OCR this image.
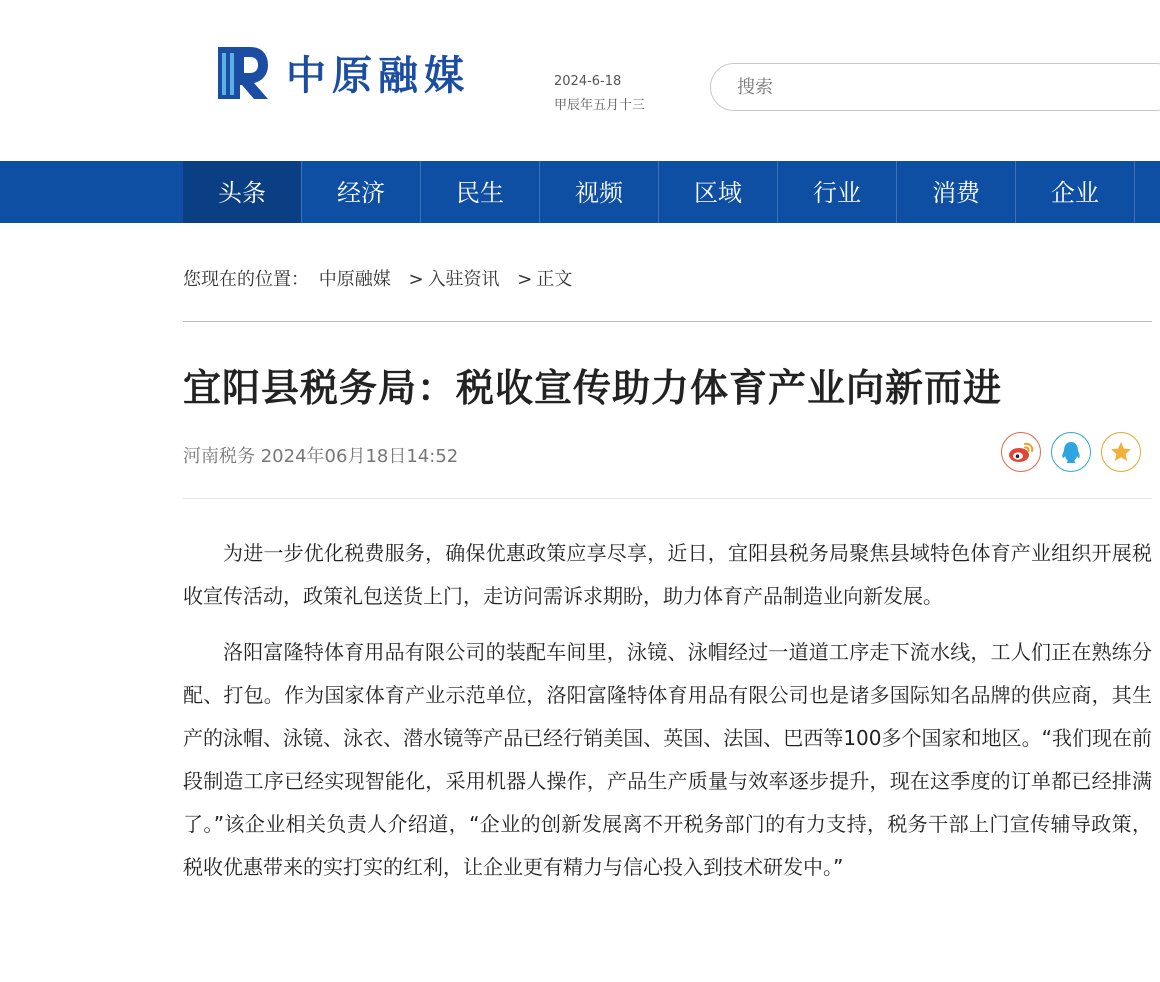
中原融媒	2024-6-18
甲辰年五月十三
搜索
头条	经济	民生	视频	区域	行业	消费	企业
您现在的位置： 中原融媒 > 入驻资讯 > 正文
宜阳县税务局：税收宣传助力体育产业向新而进
河南税务 2024年06月18日14:52

为进一步优化税费服务，确保优惠政策应享尽享，近日，宜阳县税务局聚焦县域特色体育产业组织开展税收宣传活动，政策礼包送货上门，走访问需诉求期盼，助力体育产品制造业向新发展。

洛阳富隆特体育用品有限公司的装配车间里，泳镜、泳帽经过一道道工序走下流水线，工人们正在熟练分配、打包。作为国家体育产业示范单位，洛阳富隆特体育用品有限公司也是诸多国际知名品牌的供应商，其生产的泳帽、泳镜、泳衣、潜水镜等产品已经行销美国、英国、法国、巴西等100多个国家和地区。“我们现在前段制造工序已经实现智能化，采用机器人操作，产品生产质量与效率逐步提升，现在这季度的订单都已经排满了。”该企业相关负责人介绍道，“企业的创新发展离不开税务部门的有力支持，税务干部上门宣传辅导政策，税收优惠带来的实打实的红利，让企业更有精力与信心投入到技术研发中。”
